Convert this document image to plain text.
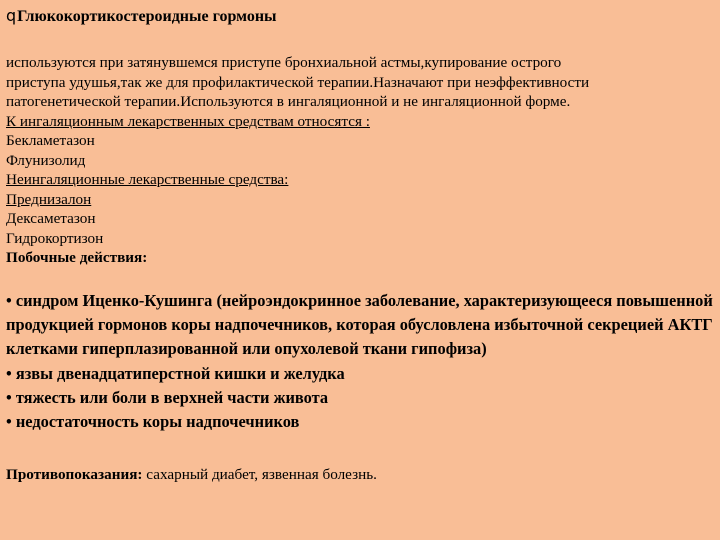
qГлюкокортикостероидные гормоны

используются при затянувшемся приступе бронхиальной астмы,купирование острого

приступа удушья,так же для профилактической терапии.Назначают при неэффективности

патогенетической терапии.Используются в ингаляционной и не ингаляционной форме.

К ингаляционным лекарственных средствам относятся :

Бекламетазон

Флунизолид

Неингаляционные лекарственные средства:

Преднизалон

Дексаметазон

Гидрокортизон

Побочные действия:

• синдром Иценко-Кушинга (нейроэндокринное заболевание, характеризующееся повышенной продукцией гормонов коры надпочечников, которая обусловлена избыточной секрецией АКТГ клетками гиперплазированной или опухолевой ткани гипофиза)

• язвы двенадцатиперстной кишки и желудка

• тяжесть или боли в верхней части живота

• недостаточность коры надпочечников

Противопоказания: сахарный диабет, язвенная болезнь.
